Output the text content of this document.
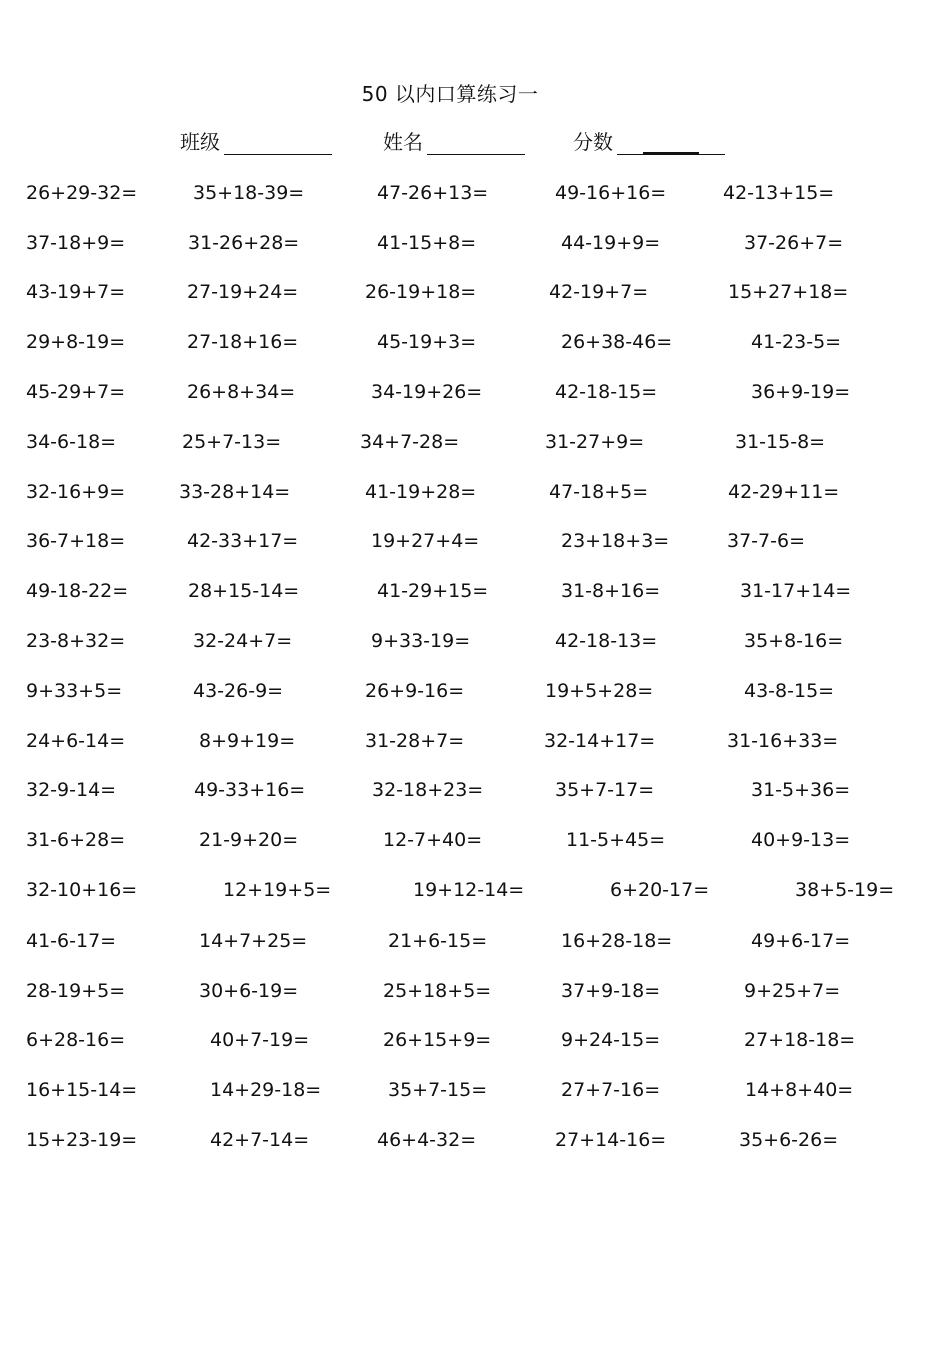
50 以内口算练习一
班级	姓名	分数
26+29-32=	35+18-39=	47-26+13=	49-16+16=	42-13+15=
37-18+9=	31-26+28=	41-15+8=	44-19+9=	37-26+7=
43-19+7=	27-19+24=	26-19+18=	42-19+7=	15+27+18=
29+8-19=	27-18+16=	45-19+3=	26+38-46=	41-23-5=
45-29+7=	26+8+34=	34-19+26=	42-18-15=	36+9-19=
34-6-18=	25+7-13=	34+7-28=	31-27+9=	31-15-8=
32-16+9=	33-28+14=	41-19+28=	47-18+5=	42-29+11=
36-7+18=	42-33+17=	19+27+4=	23+18+3=	37-7-6=
49-18-22=	28+15-14=	41-29+15=	31-8+16=	31-17+14=
23-8+32=	32-24+7=	9+33-19=	42-18-13=	35+8-16=
9+33+5=	43-26-9=	26+9-16=	19+5+28=	43-8-15=
24+6-14=	8+9+19=	31-28+7=	32-14+17=	31-16+33=
32-9-14=	49-33+16=	32-18+23=	35+7-17=	31-5+36=
31-6+28=	21-9+20=	12-7+40=	11-5+45=	40+9-13=
32-10+16=	12+19+5=	19+12-14=	6+20-17=	38+5-19=
41-6-17=	14+7+25=	21+6-15=	16+28-18=	49+6-17=
28-19+5=	30+6-19=	25+18+5=	37+9-18=	9+25+7=
6+28-16=	40+7-19=	26+15+9=	9+24-15=	27+18-18=
16+15-14=	14+29-18=	35+7-15=	27+7-16=	14+8+40=
15+23-19=	42+7-14=	46+4-32=	27+14-16=	35+6-26=
